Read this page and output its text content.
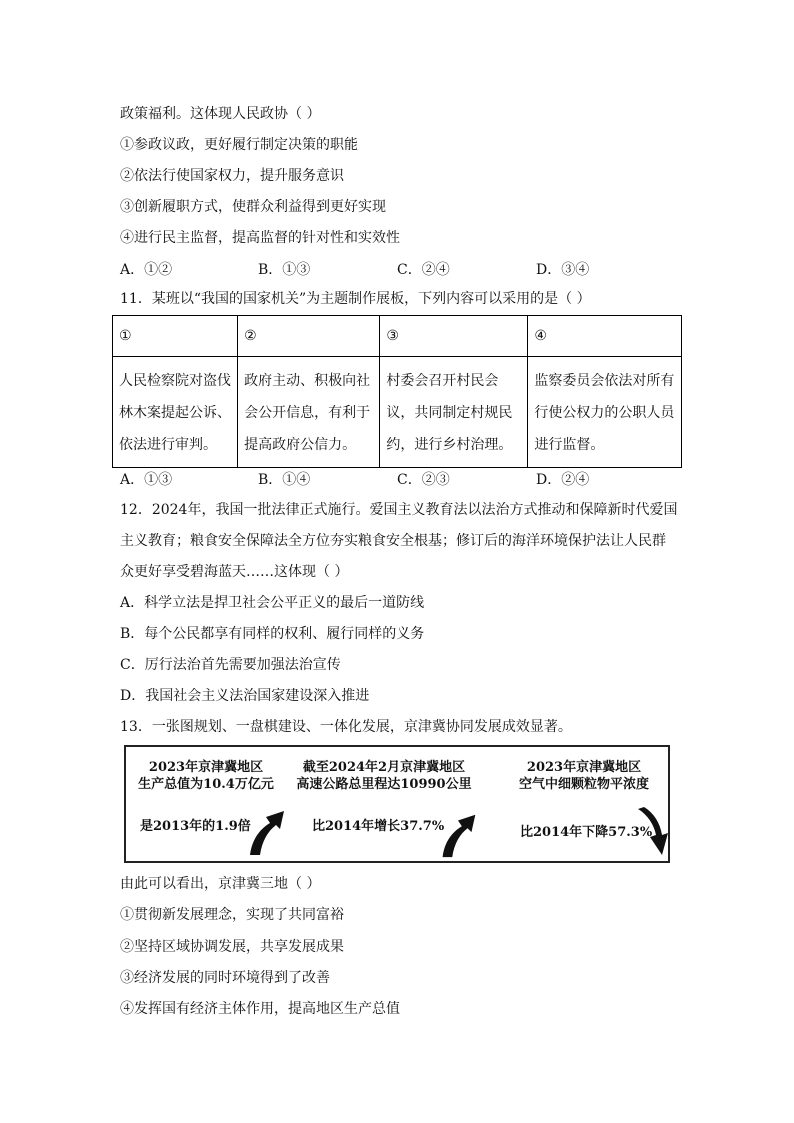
政策福利。这体现人民政协（ ）
①参政议政，更好履行制定决策的职能
②依法行使国家权力，提升服务意识
③创新履职方式，使群众利益得到更好实现
④进行民主监督，提高监督的针对性和实效性
A．①②	B．①③	C．②④	D．③④
11．某班以“我国的国家机关”为主题制作展板，下列内容可以采用的是（ ）
①	②	③	④
人民检察院对盗伐林木案提起公诉、依法进行审判。	政府主动、积极向社会公开信息，有利于提高政府公信力。	村委会召开村民会议，共同制定村规民约，进行乡村治理。	监察委员会依法对所有行使公权力的公职人员进行监督。
A．①③	B．①④	C．②③	D．②④
12．2024年，我国一批法律正式施行。爱国主义教育法以法治方式推动和保障新时代爱国
主义教育；粮食安全保障法全方位夯实粮食安全根基；修订后的海洋环境保护法让人民群
众更好享受碧海蓝天……这体现（ ）
A．科学立法是捍卫社会公平正义的最后一道防线
B．每个公民都享有同样的权利、履行同样的义务
C．厉行法治首先需要加强法治宣传
D．我国社会主义法治国家建设深入推进
13．一张图规划、一盘棋建设、一体化发展，京津冀协同发展成效显著。
2023年京津冀地区
生产总值为10.4万亿元
是2013年的1.9倍
截至2024年2月京津冀地区
高速公路总里程达10990公里
比2014年增长37.7%
2023年京津冀地区
空气中细颗粒物平浓度
比2014年下降57.3%
由此可以看出，京津冀三地（ ）
①贯彻新发展理念，实现了共同富裕
②坚持区域协调发展，共享发展成果
③经济发展的同时环境得到了改善
④发挥国有经济主体作用，提高地区生产总值
